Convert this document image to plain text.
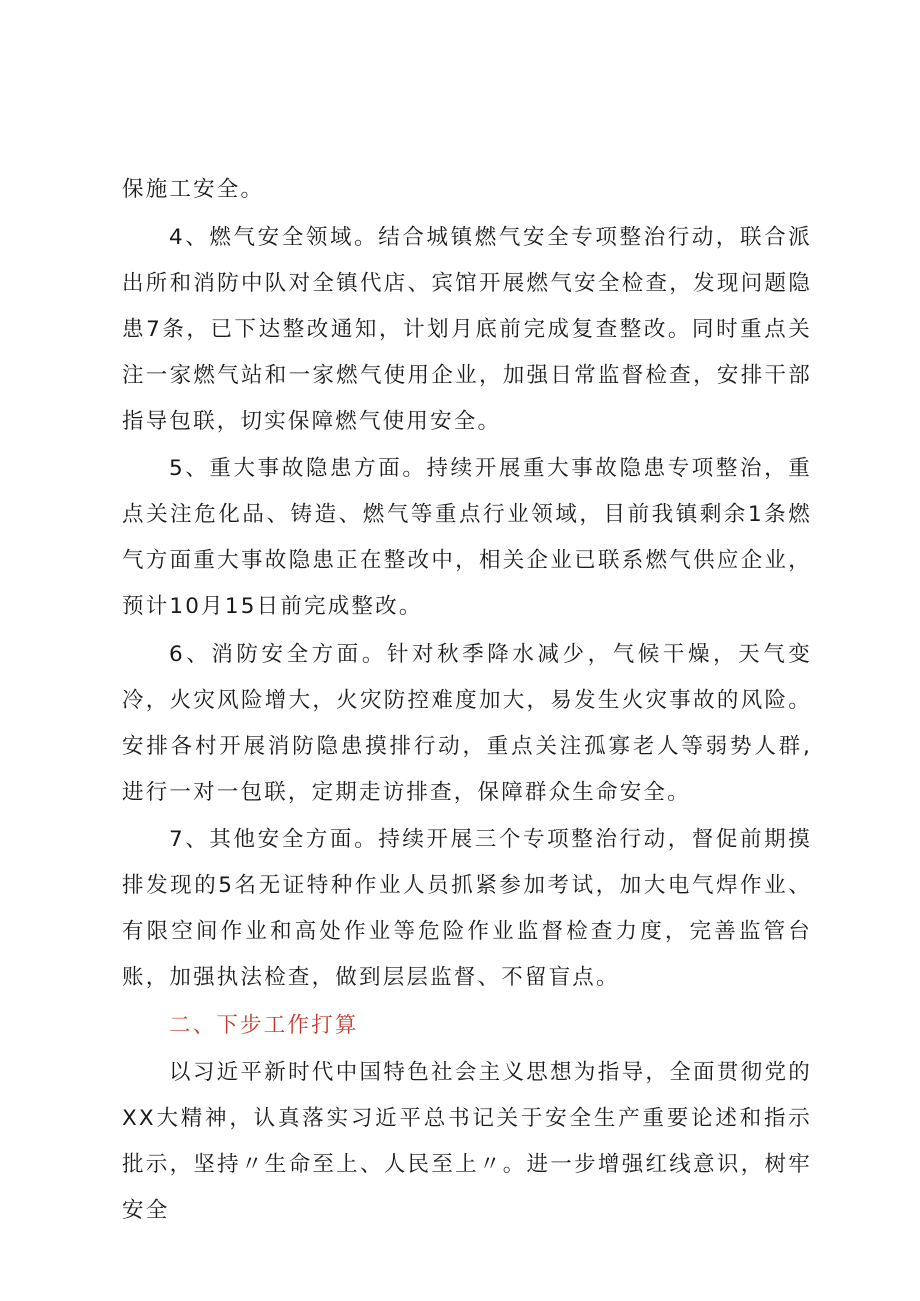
保施工安全。

4、燃气安全领域。结合城镇燃气安全专项整治行动，联合派出所和消防中队对全镇代店、宾馆开展燃气安全检查，发现问题隐患7条，已下达整改通知，计划月底前完成复查整改。同时重点关注一家燃气站和一家燃气使用企业，加强日常监督检查，安排干部指导包联，切实保障燃气使用安全。

5、重大事故隐患方面。持续开展重大事故隐患专项整治，重点关注危化品、铸造、燃气等重点行业领域，目前我镇剩余1条燃气方面重大事故隐患正在整改中，相关企业已联系燃气供应企业，预计10月15日前完成整改。

6、消防安全方面。针对秋季降水减少，气候干燥，天气变冷，火灾风险增大，火灾防控难度加大，易发生火灾事故的风险。安排各村开展消防隐患摸排行动，重点关注孤寡老人等弱势人群,进行一对一包联，定期走访排查，保障群众生命安全。

7、其他安全方面。持续开展三个专项整治行动，督促前期摸排发现的5名无证特种作业人员抓紧参加考试，加大电气焊作业、有限空间作业和高处作业等危险作业监督检查力度，完善监管台账，加强执法检查，做到层层监督、不留盲点。

二、下步工作打算

以习近平新时代中国特色社会主义思想为指导，全面贯彻党的XX大精神，认真落实习近平总书记关于安全生产重要论述和指示批示，坚持〃生命至上、人民至上〃。进一步增强红线意识，树牢安全
